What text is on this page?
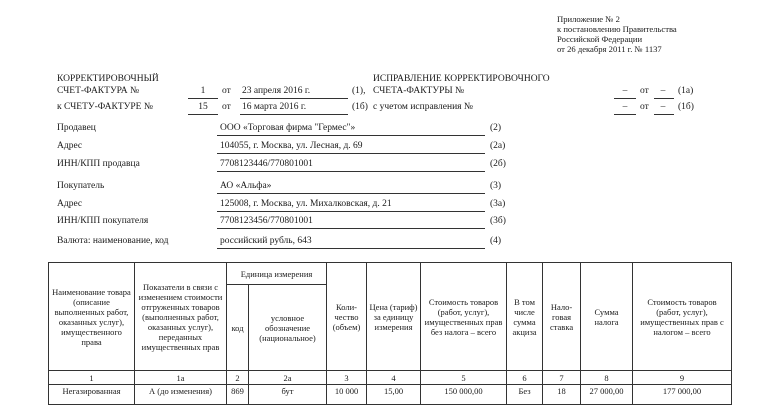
Приложение № 2
к постановлению Правительства
Российской Федерации
от 26 декабря 2011 г. № 1137
КОРРЕКТИРОВОЧНЫЙ
СЧЕТ-ФАКТУРА №	1	от 23 апреля 2016 г.	(1),
к СЧЕТУ-ФАКТУРЕ №	15	от 16 марта 2016 г.	(1б)
ИСПРАВЛЕНИЕ КОРРЕКТИРОВОЧНОГО
СЧЕТА-ФАКТУРЫ №	–	от	–	(1а)
с учетом исправления №	–	от	–	(1б)
Продавец	ООО «Торговая фирма "Гермес"»	(2)
Адрес	104055, г. Москва, ул. Лесная, д. 69	(2а)
ИНН/КПП продавца	7708123446/770801001	(2б)
Покупатель	АО «Альфа»	(3)
Адрес	125008, г. Москва, ул. Михалковская, д. 21	(3а)
ИНН/КПП покупателя	7708123456/770801001	(3б)
Валюта: наименование, код	российский рубль, 643	(4)
Наименование товара (описание выполненных работ, оказанных услуг), имущественного права	Показатели в связи с изменением стоимости отгруженных товаров (выполненных работ, оказанных услуг), переданных имущественных прав	Единица измерения		Коли-чество (объем)	Цена (тариф) за единицу измерения	Стоимость товаров (работ, услуг), имущественных прав без налога – всего	В том числе сумма акциза	Нало-говая ставка	Сумма налога	Стоимость товаров (работ, услуг), имущественных прав с налогом – всего
		код	условное обозначение (национальное)							
1	1а	2	2а	3	4	5	6	7	8	9
Негазированная	А (до изменения)	869	бут	10 000	15,00	150 000,00	Без	18	27 000,00	177 000,00
